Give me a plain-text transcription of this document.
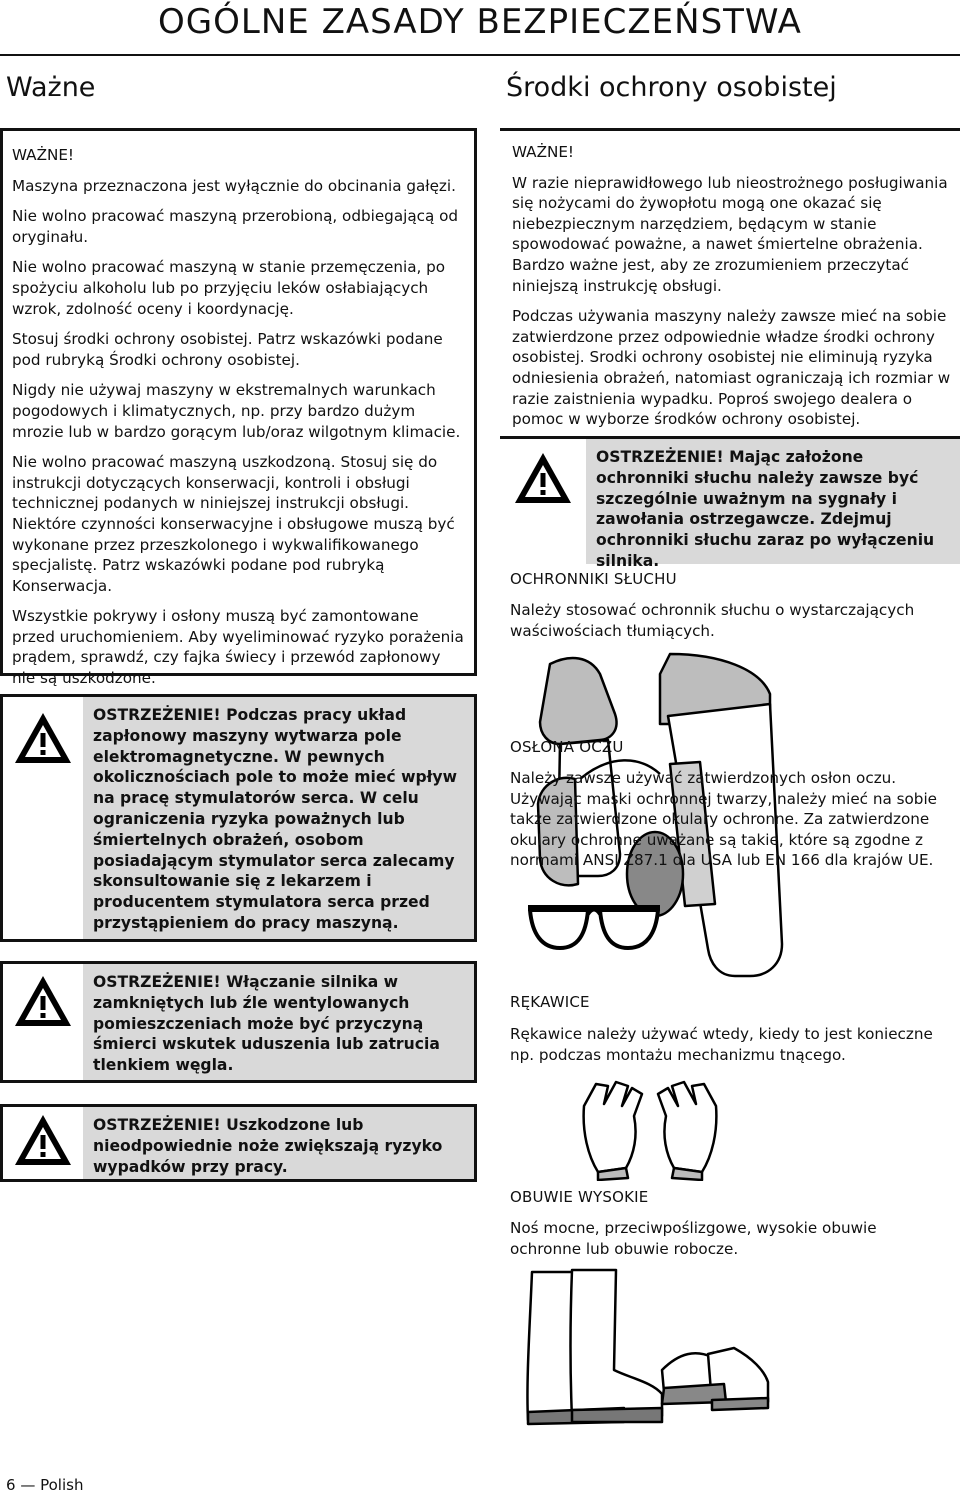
OGÓLNE ZASADY BEZPIECZEŃSTWA
Ważne

WAŻNE!

Maszyna przeznaczona jest wyłącznie do obcinania gałęzi.

Nie wolno pracować maszyną przerobioną, odbiegającą od oryginału.

Nie wolno pracować maszyną w stanie przemęczenia, po spożyciu alkoholu lub po przyjęciu leków osłabiających wzrok, zdolność oceny i koordynację.

Stosuj środki ochrony osobistej. Patrz wskazówki podane pod rubryką Środki ochrony osobistej.

Nigdy nie używaj maszyny w ekstremalnych warunkach pogodowych i klimatycznych, np. przy bardzo dużym mrozie lub w bardzo gorącym lub/oraz wilgotnym klimacie.

Nie wolno pracować maszyną uszkodzoną. Stosuj się do instrukcji dotyczących konserwacji, kontroli i obsługi technicznej podanych w niniejszej instrukcji obsługi. Niektóre czynności konserwacyjne i obsługowe muszą być wykonane przez przeszkolonego i wykwalifikowanego specjalistę. Patrz wskazówki podane pod rubryką Konserwacja.

Wszystkie pokrywy i osłony muszą być zamontowane przed uruchomieniem. Aby wyeliminować ryzyko porażenia prądem, sprawdź, czy fajka świecy i przewód zapłonowy nie są uszkodzone.

OSTRZEŻENIE! Podczas pracy układ zapłonowy maszyny wytwarza pole elektromagnetyczne. W pewnych okolicznościach pole to może mieć wpływ na pracę stymulatorów serca. W celu ograniczenia ryzyka poważnych lub śmiertelnych obrażeń, osobom posiadającym stymulator serca zalecamy skonsultowanie się z lekarzem i producentem stymulatora serca przed przystąpieniem do pracy maszyną.

OSTRZEŻENIE! Włączanie silnika w zamkniętych lub źle wentylowanych pomieszczeniach może być przyczyną śmierci wskutek uduszenia lub zatrucia tlenkiem węgla.

OSTRZEŻENIE! Uszkodzone lub nieodpowiednie noże zwiększają ryzyko wypadków przy pracy.

Środki ochrony osobistej

WAŻNE!

W razie nieprawidłowego lub nieostrożnego posługiwania się nożycami do żywopłotu mogą one okazać się niebezpiecznym narzędziem, będącym w stanie spowodować poważne, a nawet śmiertelne obrażenia. Bardzo ważne jest, aby ze zrozumieniem przeczytać niniejszą instrukcję obsługi.

Podczas używania maszyny należy zawsze mieć na sobie zatwierdzone przez odpowiednie władze środki ochrony osobistej. Srodki ochrony osobistej nie eliminują ryzyka odniesienia obrażeń, natomiast ograniczają ich rozmiar w razie zaistnienia wypadku. Poproś swojego dealera o pomoc w wyborze środków ochrony osobistej.

OSTRZEŻENIE! Mając założone ochronniki słuchu należy zawsze być szczególnie uważnym na sygnały i zawołania ostrzegawcze. Zdejmuj ochronniki słuchu zaraz po wyłączeniu silnika.

OCHRONNIKI SŁUCHU

Należy stosować ochronnik słuchu o wystarczających waściwościach tłumiących.

OSŁONA OCZU

Należy zawsze używać zatwierdzonych osłon oczu. Używając maski ochronnej twarzy, należy mieć na sobie także zatwierdzone okulary ochronne. Za zatwierdzone okulary ochronne uważane są takie, które są zgodne z normami ANSI Z87.1 dla USA lub EN 166 dla krajów UE.

RĘKAWICE

Rękawice należy używać wtedy, kiedy to jest konieczne np. podczas montażu mechanizmu tnącego.

OBUWIE WYSOKIE

Noś mocne, przeciwpoślizgowe, wysokie obuwie ochronne lub obuwie robocze.

6 — Polish
